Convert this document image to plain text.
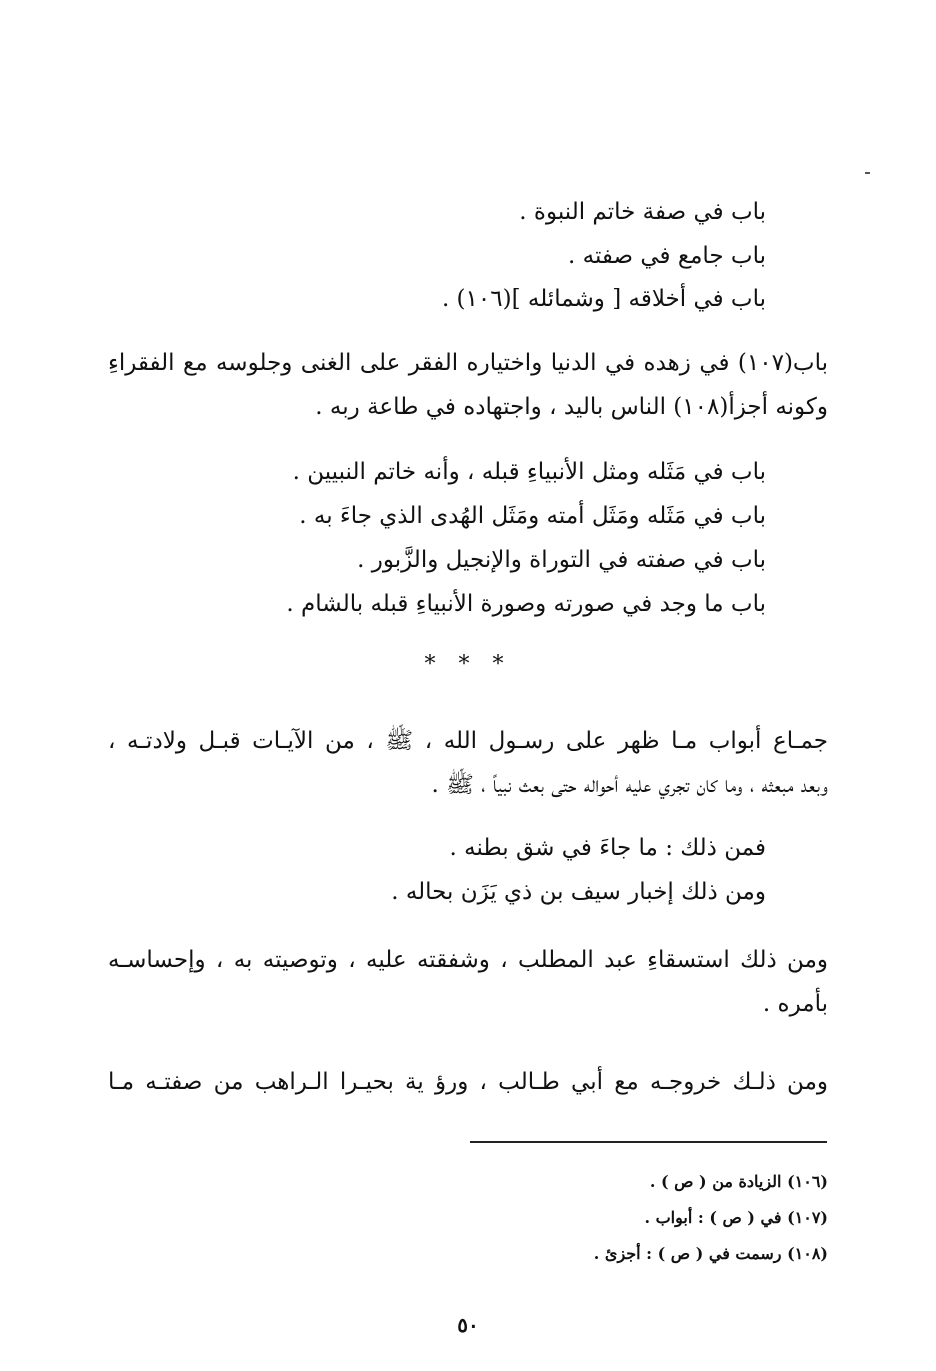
باب في صفة خاتم النبوة .
باب جامع في صفته .
باب في أخلاقه [ وشمائله ](١٠٦) .
باب(١٠٧) في زهده في الدنيا واختياره الفقر على الغنى وجلوسه مع الفقراءِ
وكونه أجزأ(١٠٨) الناس باليد ، واجتهاده في طاعة ربه .
باب في مَثَله ومثل الأنبياءِ قبله ، وأنه خاتم النبيين .
باب في مَثَله ومَثَل أمته ومَثَل الهُدى الذي جاءَ به .
باب في صفته في التوراة والإنجيل والزَّبور .
باب ما وجد في صورته وصورة الأنبياءِ قبله بالشام .
* * *
جمـاع أبواب مـا ظهر على رسـول الله ، ﷺ ، من الآيـات قبـل ولادتـه ،
وبعد مبعثه ، وما كان تجري عليه أحواله حتى بعث نبياً ، ﷺ .
فمن ذلك : ما جاءَ في شق بطنه .
ومن ذلك إخبار سيف بن ذي يَزَن بحاله .
ومن ذلك استسقاءِ عبد المطلب ، وشفقته عليه ، وتوصيته به ، وإحساسـه
بأمره .
ومن ذلـك خروجـه مع أبي طـالب ، ورؤ ية بحيـرا الـراهب من صفتـه مـا
(١٠٦) الزيادة من ( ص ) .
(١٠٧) في ( ص ) : أبواب .
(١٠٨) رسمت في ( ص ) : أجزئ .
٥٠
